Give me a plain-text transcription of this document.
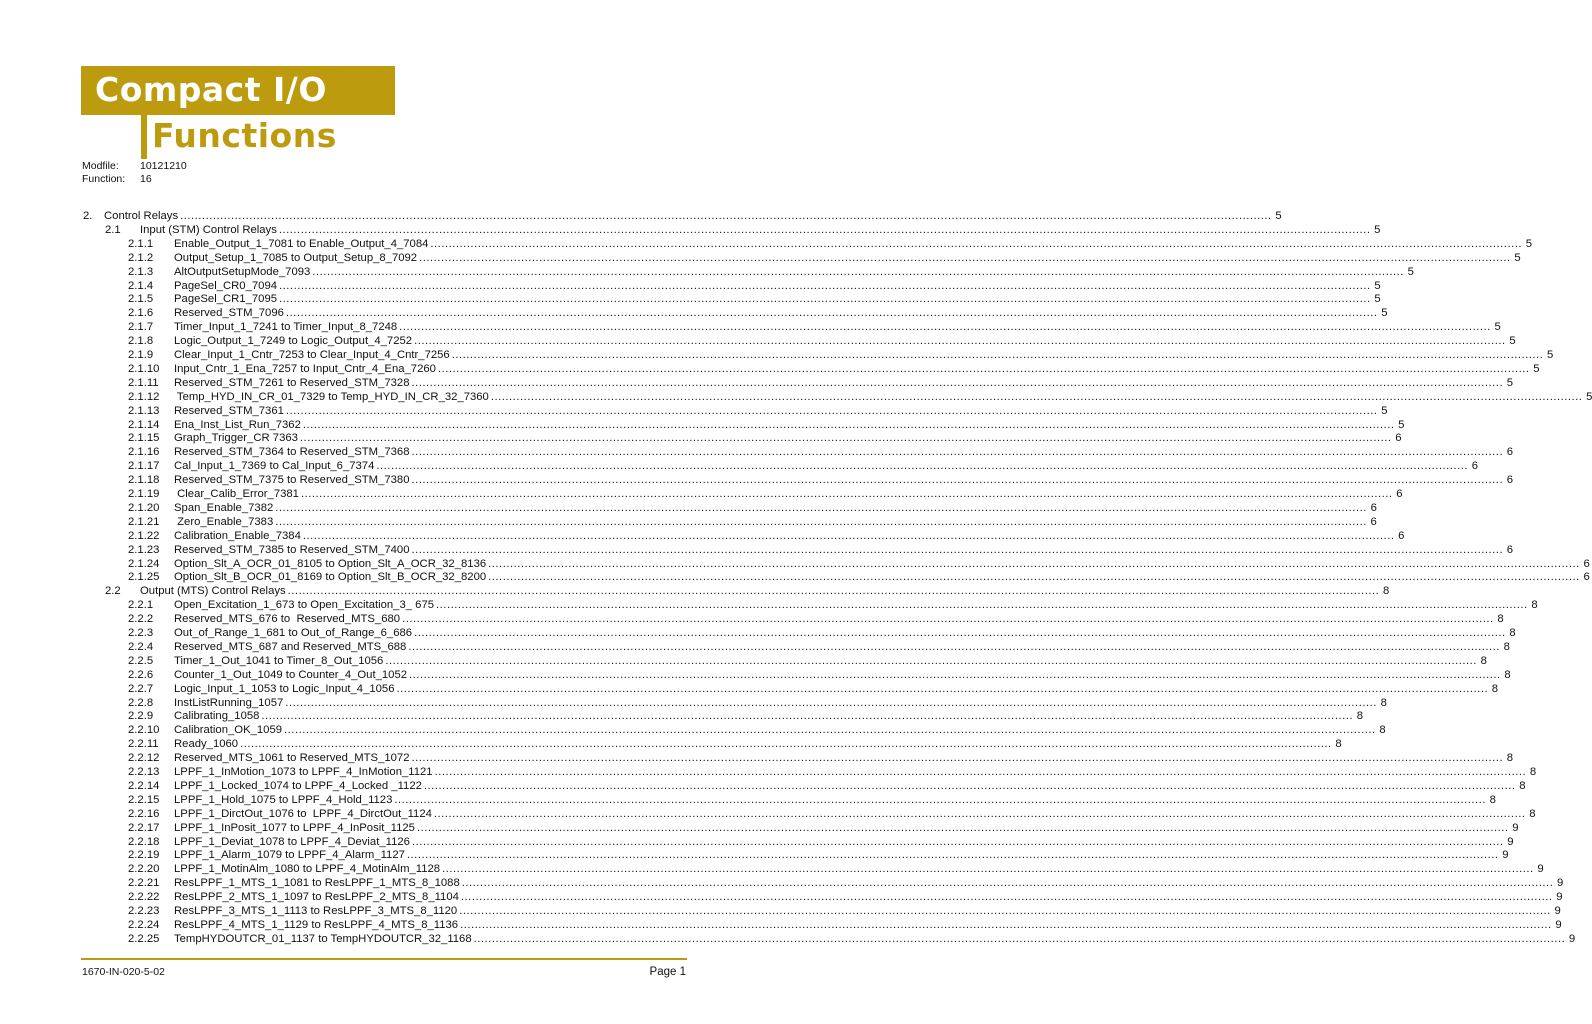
Compact I/O
Functions
Modfile: 10121210
Function: 16
2.	Control Relays ............................................................................................................................................................................................................................................................................................................ 5
2.1	Input (STM) Control Relays ............................................................................................................................................................................................................................................................................................................ 5
2.1.1	Enable_Output_1_7081 to Enable_Output_4_7084 ............................................................................................................................................................................................................................................................................................................ 5
2.1.2	Output_Setup_1_7085 to Output_Setup_8_7092 ............................................................................................................................................................................................................................................................................................................ 5
2.1.3	AltOutputSetupMode_7093 ............................................................................................................................................................................................................................................................................................................ 5
2.1.4	PageSel_CR0_7094 ............................................................................................................................................................................................................................................................................................................ 5
2.1.5	PageSel_CR1_7095 ............................................................................................................................................................................................................................................................................................................ 5
2.1.6	Reserved_STM_7096 ............................................................................................................................................................................................................................................................................................................ 5
2.1.7	Timer_Input_1_7241 to Timer_Input_8_7248 ............................................................................................................................................................................................................................................................................................................ 5
2.1.8	Logic_Output_1_7249 to Logic_Output_4_7252 ............................................................................................................................................................................................................................................................................................................ 5
2.1.9	Clear_Input_1_Cntr_7253 to Clear_Input_4_Cntr_7256 ............................................................................................................................................................................................................................................................................................................ 5
2.1.10	Input_Cntr_1_Ena_7257 to Input_Cntr_4_Ena_7260 ............................................................................................................................................................................................................................................................................................................ 5
2.1.11	Reserved_STM_7261 to Reserved_STM_7328 ............................................................................................................................................................................................................................................................................................................ 5
2.1.12	Temp_HYD_IN_CR_01_7329 to Temp_HYD_IN_CR_32_7360 ............................................................................................................................................................................................................................................................................................................ 5
2.1.13	Reserved_STM_7361 ............................................................................................................................................................................................................................................................................................................ 5
2.1.14	Ena_Inst_List_Run_7362 ............................................................................................................................................................................................................................................................................................................ 5
2.1.15	Graph_Trigger_CR 7363 ............................................................................................................................................................................................................................................................................................................ 6
2.1.16	Reserved_STM_7364 to Reserved_STM_7368 ............................................................................................................................................................................................................................................................................................................ 6
2.1.17	Cal_Input_1_7369 to Cal_Input_6_7374 ............................................................................................................................................................................................................................................................................................................ 6
2.1.18	Reserved_STM_7375 to Reserved_STM_7380 ............................................................................................................................................................................................................................................................................................................ 6
2.1.19	Clear_Calib_Error_7381 ............................................................................................................................................................................................................................................................................................................ 6
2.1.20	Span_Enable_7382 ............................................................................................................................................................................................................................................................................................................ 6
2.1.21	Zero_Enable_7383 ............................................................................................................................................................................................................................................................................................................ 6
2.1.22	Calibration_Enable_7384 ............................................................................................................................................................................................................................................................................................................ 6
2.1.23	Reserved_STM_7385 to Reserved_STM_7400 ............................................................................................................................................................................................................................................................................................................ 6
2.1.24	Option_Slt_A_OCR_01_8105 to Option_Slt_A_OCR_32_8136 ............................................................................................................................................................................................................................................................................................................ 6
2.1.25	Option_Slt_B_OCR_01_8169 to Option_Slt_B_OCR_32_8200 ............................................................................................................................................................................................................................................................................................................ 6
2.2	Output (MTS) Control Relays ............................................................................................................................................................................................................................................................................................................ 8
2.2.1	Open_Excitation_1_673 to Open_Excitation_3_ 675 ............................................................................................................................................................................................................................................................................................................ 8
2.2.2	Reserved_MTS_676 to  Reserved_MTS_680 ............................................................................................................................................................................................................................................................................................................ 8
2.2.3	Out_of_Range_1_681 to Out_of_Range_6_686 ............................................................................................................................................................................................................................................................................................................ 8
2.2.4	Reserved_MTS_687 and Reserved_MTS_688 ............................................................................................................................................................................................................................................................................................................ 8
2.2.5	Timer_1_Out_1041 to Timer_8_Out_1056 ............................................................................................................................................................................................................................................................................................................ 8
2.2.6	Counter_1_Out_1049 to Counter_4_Out_1052 ............................................................................................................................................................................................................................................................................................................ 8
2.2.7	Logic_Input_1_1053 to Logic_Input_4_1056 ............................................................................................................................................................................................................................................................................................................ 8
2.2.8	InstListRunning_1057 ............................................................................................................................................................................................................................................................................................................ 8
2.2.9	Calibrating_1058 ............................................................................................................................................................................................................................................................................................................ 8
2.2.10	Calibration_OK_1059 ............................................................................................................................................................................................................................................................................................................ 8
2.2.11	Ready_1060 ............................................................................................................................................................................................................................................................................................................ 8
2.2.12	Reserved_MTS_1061 to Reserved_MTS_1072 ............................................................................................................................................................................................................................................................................................................ 8
2.2.13	LPPF_1_InMotion_1073 to LPPF_4_InMotion_1121 ............................................................................................................................................................................................................................................................................................................ 8
2.2.14	LPPF_1_Locked_1074 to LPPF_4_Locked _1122 ............................................................................................................................................................................................................................................................................................................ 8
2.2.15	LPPF_1_Hold_1075 to LPPF_4_Hold_1123 ............................................................................................................................................................................................................................................................................................................ 8
2.2.16	LPPF_1_DirctOut_1076 to  LPPF_4_DirctOut_1124 ............................................................................................................................................................................................................................................................................................................ 8
2.2.17	LPPF_1_InPosit_1077 to LPPF_4_InPosit_1125 ............................................................................................................................................................................................................................................................................................................ 9
2.2.18	LPPF_1_Deviat_1078 to LPPF_4_Deviat_1126 ............................................................................................................................................................................................................................................................................................................ 9
2.2.19	LPPF_1_Alarm_1079 to LPPF_4_Alarm_1127 ............................................................................................................................................................................................................................................................................................................ 9
2.2.20	LPPF_1_MotinAlm_1080 to LPPF_4_MotinAlm_1128 ............................................................................................................................................................................................................................................................................................................ 9
2.2.21	ResLPPF_1_MTS_1_1081 to ResLPPF_1_MTS_8_1088 ............................................................................................................................................................................................................................................................................................................ 9
2.2.22	ResLPPF_2_MTS_1_1097 to ResLPPF_2_MTS_8_1104 ............................................................................................................................................................................................................................................................................................................ 9
2.2.23	ResLPPF_3_MTS_1_1113 to ResLPPF_3_MTS_8_1120 ............................................................................................................................................................................................................................................................................................................ 9
2.2.24	ResLPPF_4_MTS_1_1129 to ResLPPF_4_MTS_8_1136 ............................................................................................................................................................................................................................................................................................................ 9
2.2.25	TempHYDOUTCR_01_1137 to TempHYDOUTCR_32_1168 ............................................................................................................................................................................................................................................................................................................ 9
1670-IN-020-5-02	Page 1
